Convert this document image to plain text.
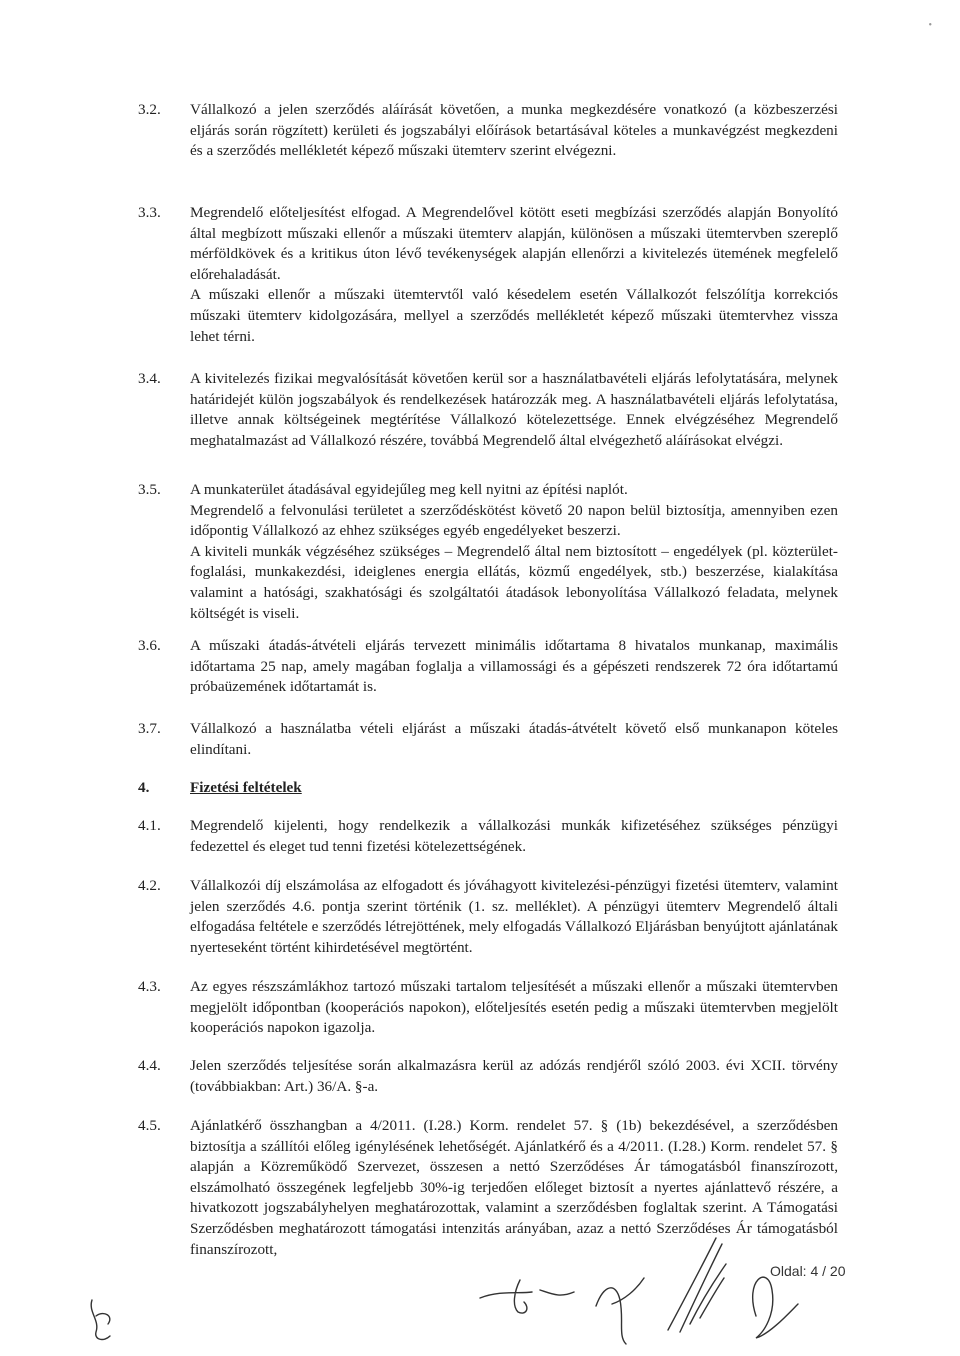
•
3.2.	Vállalkozó a jelen szerződés aláírását követően, a munka megkezdésére vonatkozó (a közbeszerzési eljárás során rögzített) kerületi és jogszabályi előírások betartásával köteles a munkavégzést megkezdeni és a szerződés mellékletét képező műszaki ütemterv szerint elvégezni.

3.3.	Megrendelő előteljesítést elfogad. A Megrendelővel kötött eseti megbízási szerződés alapján Bonyolító által megbízott műszaki ellenőr a műszaki ütemterv alapján, különösen a műszaki ütemtervben szereplő mérföldkövek és a kritikus úton lévő tevékenységek alapján ellenőrzi a kivitelezés ütemének megfelelő előrehaladását.

A műszaki ellenőr a műszaki ütemtervtől való késedelem esetén Vállalkozót felszólítja korrekciós műszaki ütemterv kidolgozására, mellyel a szerződés mellékletét képező műszaki ütemtervhez vissza lehet térni.

3.4.	A kivitelezés fizikai megvalósítását követően kerül sor a használatbavételi eljárás lefolytatására, melynek határidejét külön jogszabályok és rendelkezések határozzák meg. A használatbavételi eljárás lefolytatása, illetve annak költségeinek megtérítése Vállalkozó kötelezettsége. Ennek elvégzéséhez Megrendelő meghatalmazást ad Vállalkozó részére, továbbá Megrendelő által elvégezhető aláírásokat elvégzi.

3.5.	A munkaterület átadásával egyidejűleg meg kell nyitni az építési naplót.

Megrendelő a felvonulási területet a szerződéskötést követő 20 napon belül biztosítja, amennyiben ezen időpontig Vállalkozó az ehhez szükséges egyéb engedélyeket beszerzi.

A kiviteli munkák végzéséhez szükséges – Megrendelő által nem biztosított – engedélyek (pl. közterület-foglalási, munkakezdési, ideiglenes energia ellátás, közmű engedélyek, stb.) beszerzése, kialakítása valamint a hatósági, szakhatósági és szolgáltatói átadások lebonyolítása Vállalkozó feladata, melynek költségét is viseli.

3.6.	A műszaki átadás-átvételi eljárás tervezett minimális időtartama 8 hivatalos munkanap, maximális időtartama 25 nap, amely magában foglalja a villamossági és a gépészeti rendszerek 72 óra időtartamú próbaüzemének időtartamát is.

3.7.	Vállalkozó a használatba vételi eljárást a műszaki átadás-átvételt követő első munkanapon köteles elindítani.

4.	Fizetési feltételek
4.1.	Megrendelő kijelenti, hogy rendelkezik a vállalkozási munkák kifizetéséhez szükséges pénzügyi fedezettel és eleget tud tenni fizetési kötelezettségének.

4.2.	Vállalkozói díj elszámolása az elfogadott és jóváhagyott kivitelezési-pénzügyi fizetési ütemterv, valamint jelen szerződés 4.6. pontja szerint történik (1. sz. melléklet). A pénzügyi ütemterv Megrendelő általi elfogadása feltétele e szerződés létrejöttének, mely elfogadás Vállalkozó Eljárásban benyújtott ajánlatának nyerteseként történt kihirdetésével megtörtént.

4.3.	Az egyes részszámlákhoz tartozó műszaki tartalom teljesítését a műszaki ellenőr a műszaki ütemtervben megjelölt időpontban (kooperációs napokon), előteljesítés esetén pedig a műszaki ütemtervben megjelölt kooperációs napokon igazolja.

4.4.	Jelen szerződés teljesítése során alkalmazásra kerül az adózás rendjéről szóló 2003. évi XCII. törvény (továbbiakban: Art.) 36/A. §-a.

4.5.	Ajánlatkérő összhangban a 4/2011. (I.28.) Korm. rendelet 57. § (1b) bekezdésével, a szerződésben biztosítja a szállítói előleg igénylésének lehetőségét. Ajánlatkérő és a 4/2011. (I.28.) Korm. rendelet 57. § alapján a Közreműködő Szervezet, összesen a nettó Szerződéses Ár támogatásból finanszírozott, elszámolható összegének legfeljebb 30%-ig terjedően előleget biztosít a nyertes ajánlattevő részére, a hivatkozott jogszabályhelyen meghatározottak, valamint a szerződésben foglaltak szerint. A Támogatási Szerződésben meghatározott támogatási intenzitás arányában, azaz a nettó Szerződéses Ár támogatásból finanszírozott,

Oldal: 4 / 20
